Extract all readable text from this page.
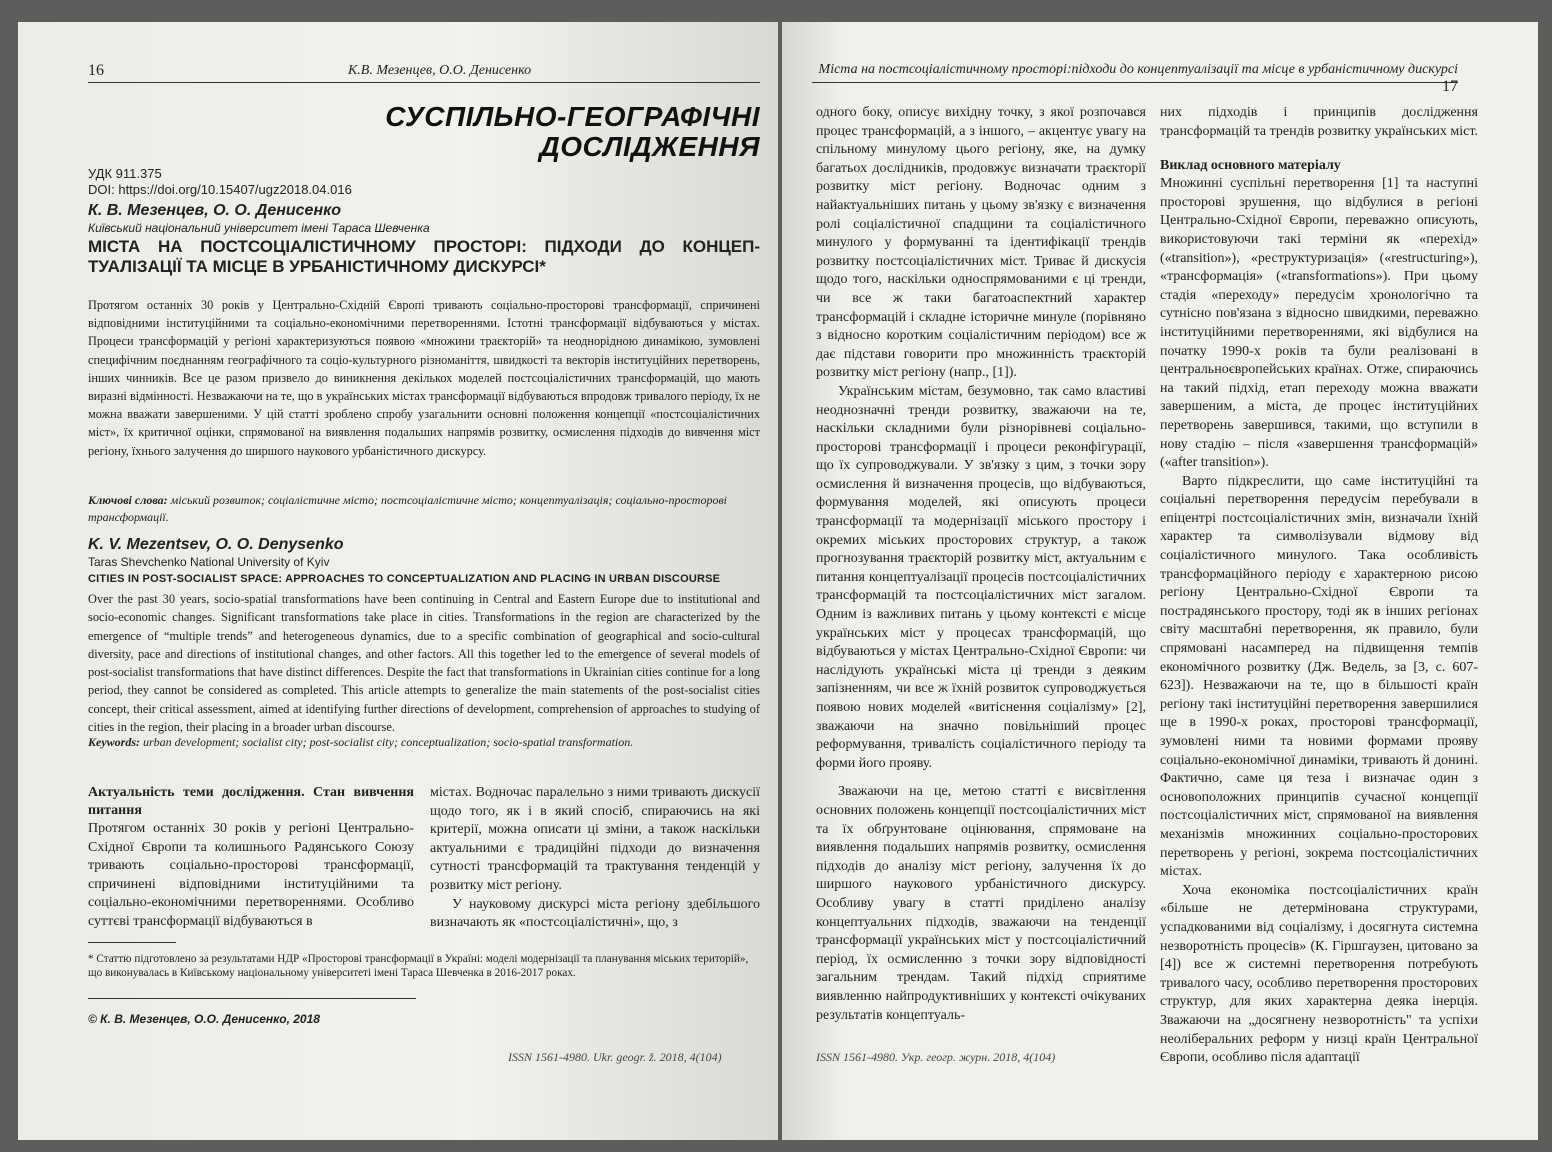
16	К.В. Мезенцев, О.О. Денисенко
СУСПІЛЬНО-ГЕОГРАФІЧНІ
ДОСЛІДЖЕННЯ
УДК 911.375
DOI: https://doi.org/10.15407/ugz2018.04.016
К. В. Мезенцев, О. О. Денисенко
Київський національний університет імені Тараса Шевченка
МІСТА НА ПОСТСОЦІАЛІСТИЧНОМУ ПРОСТОРІ: ПІДХОДИ ДО КОНЦЕП-ТУАЛІЗАЦІЇ ТА МІСЦЕ В УРБАНІСТИЧНОМУ ДИСКУРСІ*
Протягом останніх 30 років у Центрально-Східній Європі тривають соціально-просторові трансформації, спричинені відповідними інституційними та соціально-економічними перетвореннями. Істотні трансформації відбуваються у містах. Процеси трансформацій у регіоні характеризуються появою «множини траєкторій» та неоднорідною динамікою, зумовлені специфічним поєднанням географічного та соціо-культурного різноманіття, швидкості та векторів інституційних перетворень, інших чинників. Все це разом призвело до виникнення декількох моделей постсоціалістичних трансформацій, що мають виразні відмінності. Незважаючи на те, що в українських містах трансформації відбуваються впродовж тривалого періоду, їх не можна вважати завершеними. У цій статті зроблено спробу узагальнити основні положення концепції «постсоціалістичних міст», їх критичної оцінки, спрямованої на виявлення подальших напрямів розвитку, осмислення підходів до вивчення міст регіону, їхнього залучення до ширшого наукового урбаністичного дискурсу.
Ключові слова: міський розвиток; соціалістичне місто; постсоціалістичне місто; концептуалізація; соціально-просторові трансформації.
K. V. Mezentsev, O. O. Denysenko
Taras Shevchenko National University of Kyiv
CITIES IN POST-SOCIALIST SPACE: APPROACHES TO CONCEPTUALIZATION AND PLACING IN URBAN DISCOURSE
Over the past 30 years, socio-spatial transformations have been continuing in Central and Eastern Europe due to institutional and socio-economic changes. Significant transformations take place in cities. Transformations in the region are characterized by the emergence of “multiple trends” and heterogeneous dynamics, due to a specific combination of geographical and socio-cultural diversity, pace and directions of institutional changes, and other factors. All this together led to the emergence of several models of post-socialist transformations that have distinct differences. Despite the fact that transformations in Ukrainian cities continue for a long period, they cannot be considered as completed. This article attempts to generalize the main statements of the post-socialist cities concept, their critical assessment, aimed at identifying further directions of development, comprehension of approaches to studying of cities in the region, their placing in a broader urban discourse.
Keywords: urban development; socialist city; post-socialist city; conceptualization; socio-spatial transformation.
Актуальність теми дослідження. Стан вивчення питання

Протягом останніх 30 років у регіоні Центрально-Східної Європи та колишнього Радянського Союзу тривають соціально-просторові трансформації, спричинені відповідними інституційними та соціально-економічними перетвореннями. Особливо суттєві трансформації відбуваються в

містах. Водночас паралельно з ними тривають дискусії щодо того, як і в який спосіб, спираючись на які критерії, можна описати ці зміни, а також наскільки актуальними є традиційні підходи до визначення сутності трансформацій та трактування тенденцій у розвитку міст регіону.

У науковому дискурсі міста регіону здебільшого визначають як «постсоціалістичні», що, з

* Статтю підготовлено за результатами НДР «Просторові трансформації в Україні: моделі модернізації та планування міських територій», що виконувалась в Київському національному університеті імені Тараса Шевченка в 2016-2017 роках.
© К. В. Мезенцев, О.О. Денисенко, 2018
ISSN 1561-4980. Ukr. geogr. ž. 2018, 4(104)
Міста на постсоціалістичному просторі:підходи до концептуалізації та місце в урбаністичному дискурсі 17

одного боку, описує вихідну точку, з якої розпочався процес трансформацій, а з іншого, – акцентує увагу на спільному минулому цього регіону, яке, на думку багатьох дослідників, продовжує визначати траєкторії розвитку міст регіону. Водночас одним з найактуальніших питань у цьому зв'язку є визначення ролі соціалістичної спадщини та соціалістичного минулого у формуванні та ідентифікації трендів розвитку постсоціалістичних міст. Триває й дискусія щодо того, наскільки односпрямованими є ці тренди, чи все ж таки багатоаспектний характер трансформацій і складне історичне минуле (порівняно з відносно коротким соціалістичним періодом) все ж дає підстави говорити про множинність траєкторій розвитку міст регіону (напр., [1]).

Українським містам, безумовно, так само властиві неоднозначні тренди розвитку, зважаючи на те, наскільки складними були різнорівневі соціально-просторові трансформації і процеси реконфігурації, що їх супроводжували. У зв'язку з цим, з точки зору осмислення й визначення процесів, що відбуваються, формування моделей, які описують процеси трансформації та модернізації міського простору і окремих міських просторових структур, а також прогнозування траєкторій розвитку міст, актуальним є питання концептуалізації процесів постсоціалістичних трансформацій та постсоціалістичних міст загалом. Одним із важливих питань у цьому контексті є місце українських міст у процесах трансформацій, що відбуваються у містах Центрально-Східної Європи: чи наслідують українські міста ці тренди з деяким запізненням, чи все ж їхній розвиток супроводжується появою нових моделей «витіснення соціалізму» [2], зважаючи на значно повільніший процес реформування, тривалість соціалістичного періоду та форми його прояву.

Зважаючи на це, метою статті є висвітлення основних положень концепції постсоціалістичних міст та їх обґрунтоване оцінювання, спрямоване на виявлення подальших напрямів розвитку, осмислення підходів до аналізу міст регіону, залучення їх до ширшого наукового урбаністичного дискурсу. Особливу увагу в статті приділено аналізу концептуальних підходів, зважаючи на тенденції трансформації українських міст у постсоціалістичний період, їх осмисленню з точки зору відповідності загальним трендам. Такий підхід сприятиме виявленню найпродуктивніших у контексті очікуваних результатів концептуаль-

них підходів і принципів дослідження трансформацій та трендів розвитку українських міст.

Виклад основного матеріалу

Множинні суспільні перетворення [1] та наступні просторові зрушення, що відбулися в регіоні Центрально-Східної Європи, переважно описують, використовуючи такі терміни як «перехід» («transition»), «реструктуризація» («restructuring»), «трансформація» («transformations»). При цьому стадія «переходу» передусім хронологічно та сутнісно пов'язана з відносно швидкими, переважно інституційними перетвореннями, які відбулися на початку 1990-х років та були реалізовані в центральноєвропейських країнах. Отже, спираючись на такий підхід, етап переходу можна вважати завершеним, а міста, де процес інституційних перетворень завершився, такими, що вступили в нову стадію – після «завершення трансформацій» («after transition»).

Варто підкреслити, що саме інституційні та соціальні перетворення передусім перебували в епіцентрі постсоціалістичних змін, визначали їхній характер та символізували відмову від соціалістичного минулого. Така особливість трансформаційного періоду є характерною рисою регіону Центрально-Східної Європи та пострадянського простору, тоді як в інших регіонах світу масштабні перетворення, як правило, були спрямовані насамперед на підвищення темпів економічного розвитку (Дж. Ведель, за [3, с. 607-623]). Незважаючи на те, що в більшості країн регіону такі інституційні перетворення завершилися ще в 1990-х роках, просторові трансформації, зумовлені ними та новими формами прояву соціально-економічної динаміки, тривають й донині. Фактично, саме ця теза і визначає один з основоположних принципів сучасної концепції постсоціалістичних міст, спрямованої на виявлення механізмів множинних соціально-просторових перетворень у регіоні, зокрема постсоціалістичних містах.

Хоча економіка постсоціалістичних країн «більше не детермінована структурами, успадкованими від соціалізму, і досягнута системна незворотність процесів» (К. Гіршгаузен, цитовано за [4]) все ж системні перетворення потребують тривалого часу, особливо перетворення просторових структур, для яких характерна деяка інерція. Зважаючи на „досягнену незворотність" та успіхи неоліберальних реформ у низці країн Центральної Європи, особливо після адаптації

ISSN 1561-4980. Укр. геогр. журн. 2018, 4(104)
